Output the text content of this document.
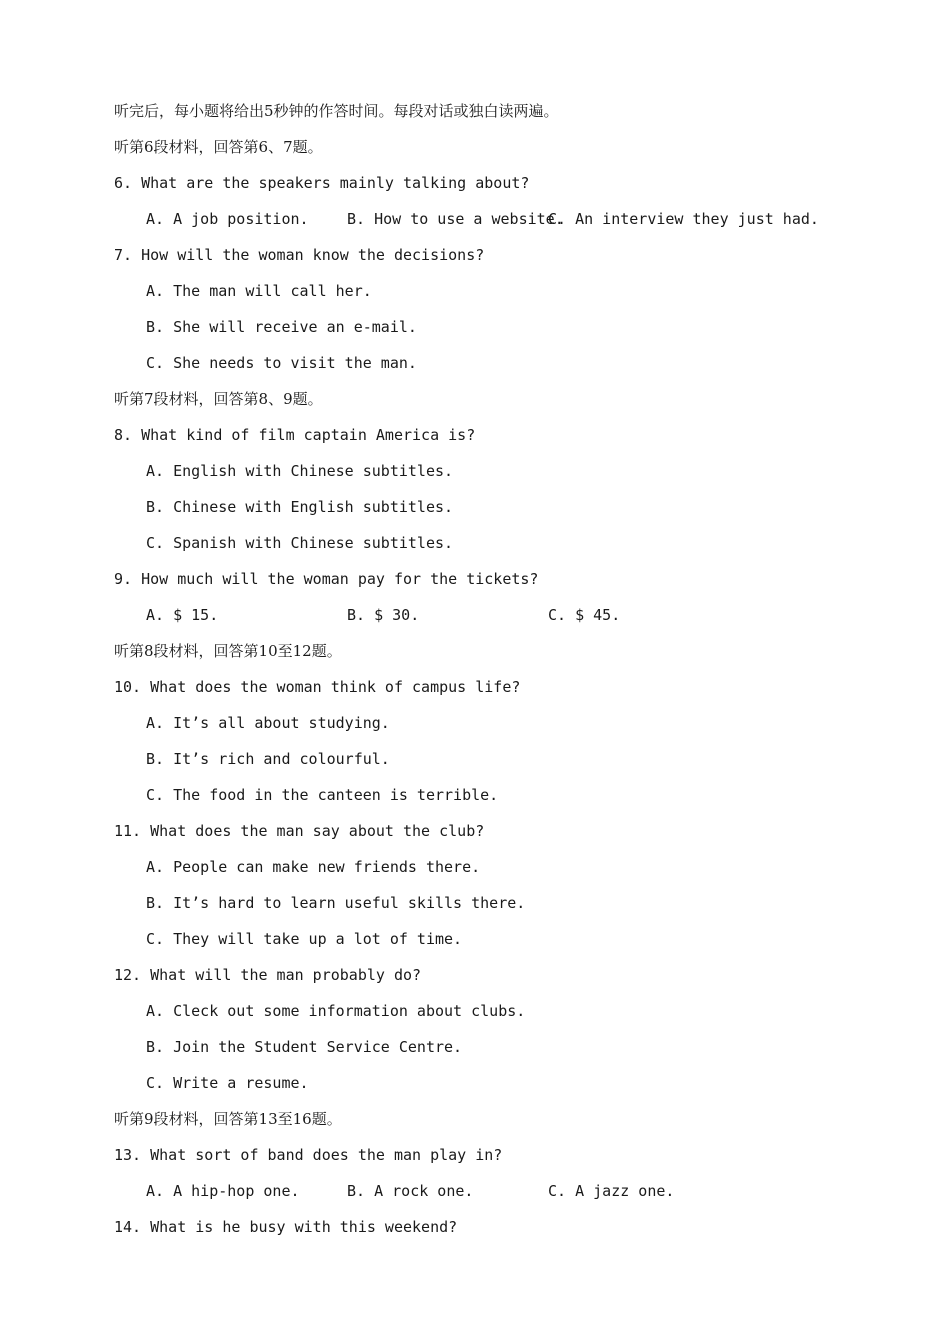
听完后，每小题将给出5秒钟的作答时间。每段对话或独白读两遍。
听第6段材料，回答第6、7题。
6. What are the speakers mainly talking about?
A. A job position.	B. How to use a website.
C. An interview they just had.
7. How will the woman know the decisions?
A. The man will call her.
B. She will receive an e-mail.
C. She needs to visit the man.
听第7段材料，回答第8、9题。
8. What kind of film captain America is?
A. English with Chinese subtitles.
B. Chinese with English subtitles.
C. Spanish with Chinese subtitles.
9. How much will the woman pay for the tickets?
A. $ 15.	B. $ 30.	C. $ 45.
听第8段材料，回答第10至12题。
10. What does the woman think of campus life?
A. It’s all about studying.
B. It’s rich and colourful.
C. The food in the canteen is terrible.
11. What does the man say about the club?
A. People can make new friends there.
B. It’s hard to learn useful skills there.
C. They will take up a lot of time.
12. What will the man probably do?
A. Cleck out some information about clubs.
B. Join the Student Service Centre.
C. Write a resume.
听第9段材料，回答第13至16题。
13. What sort of band does the man play in?
A. A hip-hop one.	B. A rock one.	C. A jazz one.
14. What is he busy with this weekend?
